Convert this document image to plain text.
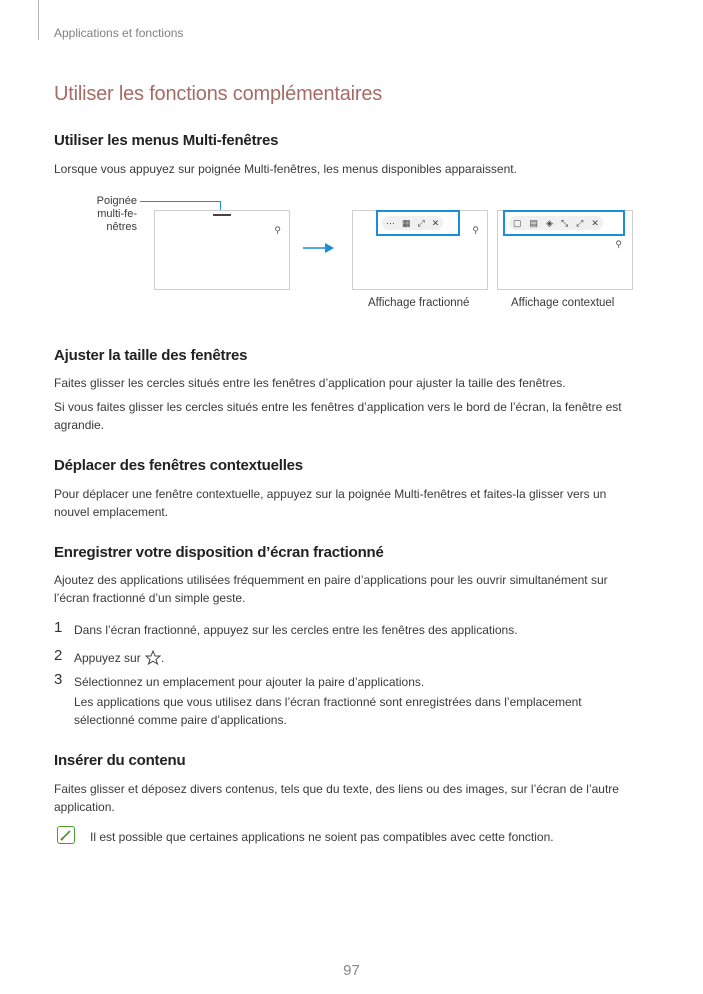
Applications et fonctions
Utiliser les fonctions complémentaires
Utiliser les menus Multi-fenêtres

Lorsque vous appuyez sur poignée Multi-fenêtres, les menus disponibles apparaissent.

Poignée
multi-fe-
nêtres	⚲	⚲
⋯ ▦ ⤢ ✕
⚲
▢ ▤ ◈ ⤡ ⤢ ✕
Affichage fractionné	Affichage contextuel
Ajuster la taille des fenêtres

Faites glisser les cercles situés entre les fenêtres d’application pour ajuster la taille des fenêtres.

Si vous faites glisser les cercles situés entre les fenêtres d’application vers le bord de l’écran, la fenêtre est agrandie.

Déplacer des fenêtres contextuelles

Pour déplacer une fenêtre contextuelle, appuyez sur la poignée Multi-fenêtres et faites-la glisser vers un nouvel emplacement.

Enregistrer votre disposition d’écran fractionné

Ajoutez des applications utilisées fréquemment en paire d’applications pour les ouvrir simultanément sur l’écran fractionné d’un simple geste.

1 Dans l’écran fractionné, appuyez sur les cercles entre les fenêtres des applications.
2 Appuyez sur .
3 Sélectionnez un emplacement pour ajouter la paire d’applications.
Les applications que vous utilisez dans l’écran fractionné sont enregistrées dans l’emplacement sélectionné comme paire d’applications.
Insérer du contenu

Faites glisser et déposez divers contenus, tels que du texte, des liens ou des images, sur l’écran de l’autre application.

Il est possible que certaines applications ne soient pas compatibles avec cette fonction.

97
